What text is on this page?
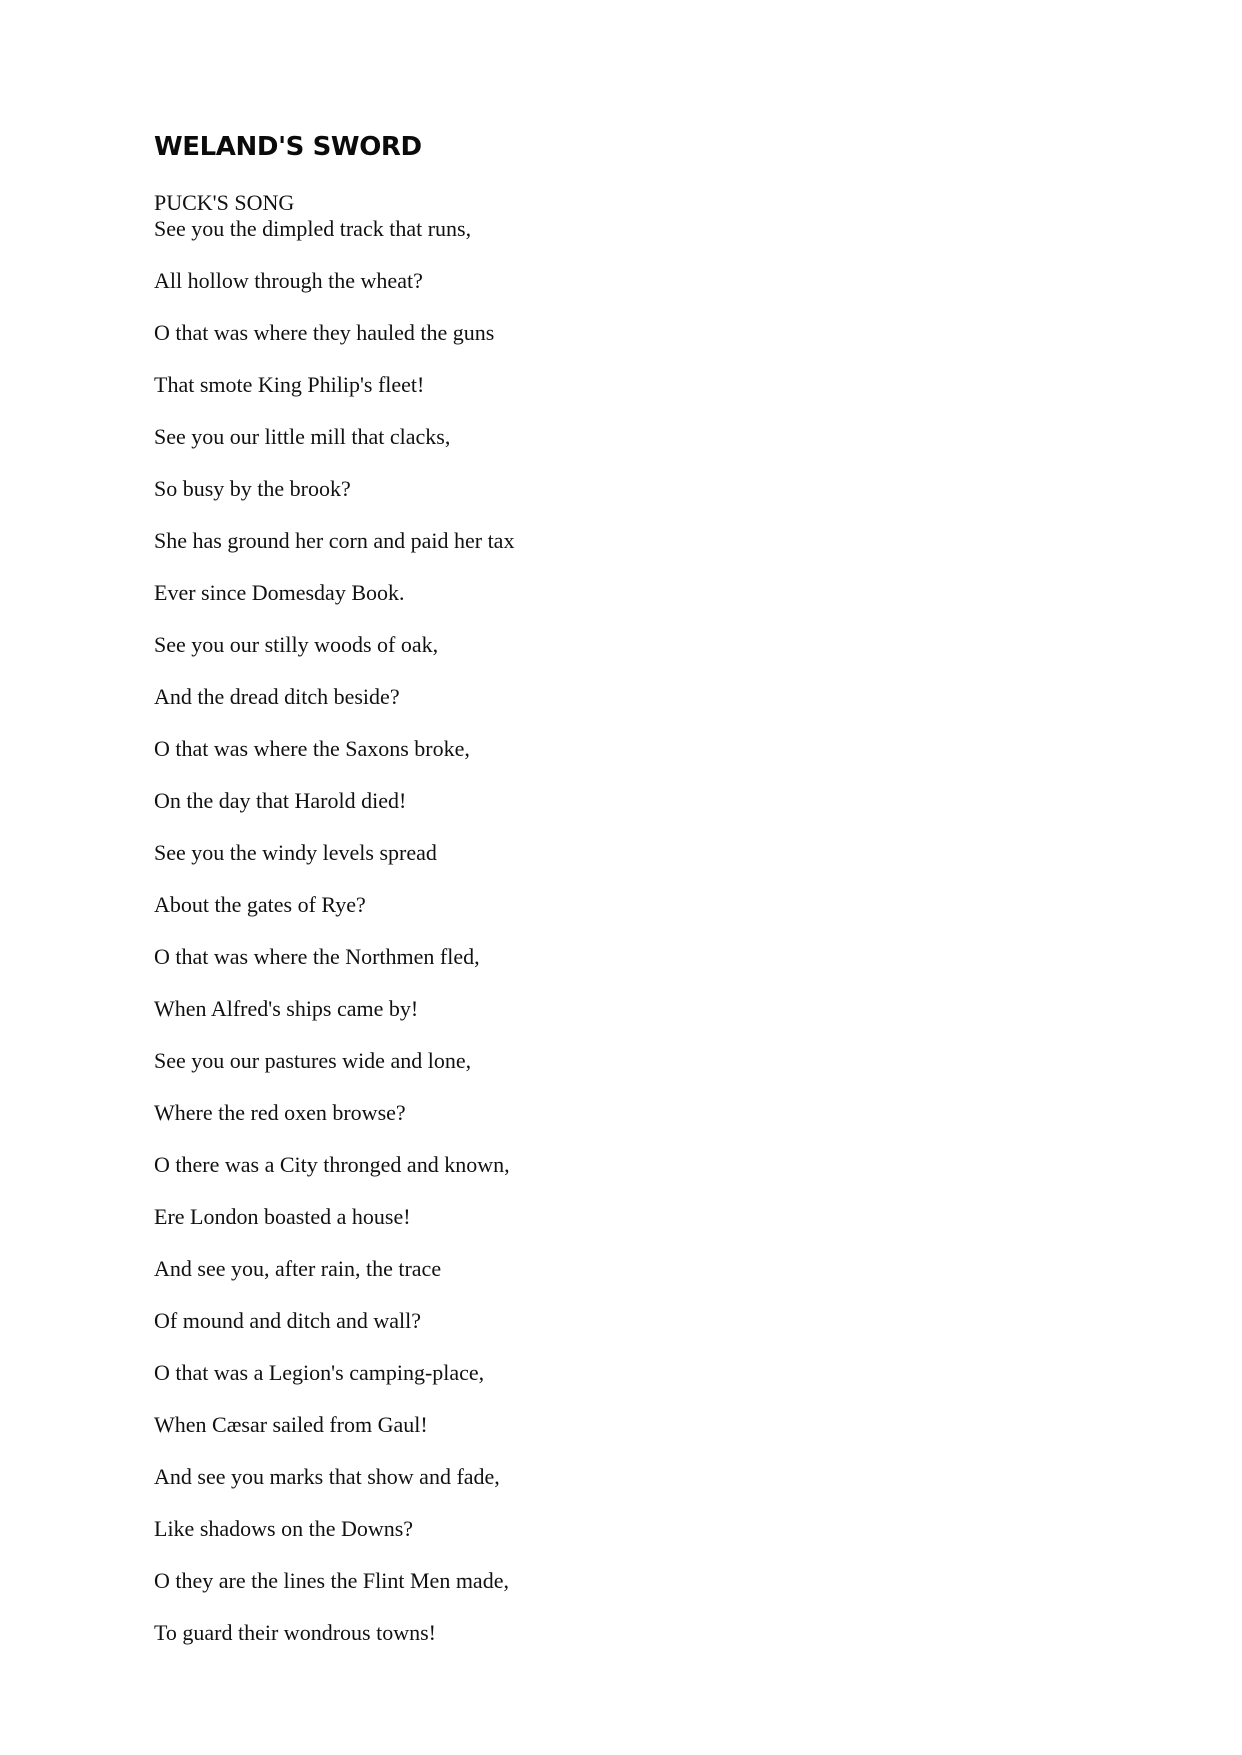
WELAND'S SWORD
PUCK'S SONG
See you the dimpled track that runs,
All hollow through the wheat?
O that was where they hauled the guns
That smote King Philip's fleet!
See you our little mill that clacks,
So busy by the brook?
She has ground her corn and paid her tax
Ever since Domesday Book.
See you our stilly woods of oak,
And the dread ditch beside?
O that was where the Saxons broke,
On the day that Harold died!
See you the windy levels spread
About the gates of Rye?
O that was where the Northmen fled,
When Alfred's ships came by!
See you our pastures wide and lone,
Where the red oxen browse?
O there was a City thronged and known,
Ere London boasted a house!
And see you, after rain, the trace
Of mound and ditch and wall?
O that was a Legion's camping-place,
When Cæsar sailed from Gaul!
And see you marks that show and fade,
Like shadows on the Downs?
O they are the lines the Flint Men made,
To guard their wondrous towns!
